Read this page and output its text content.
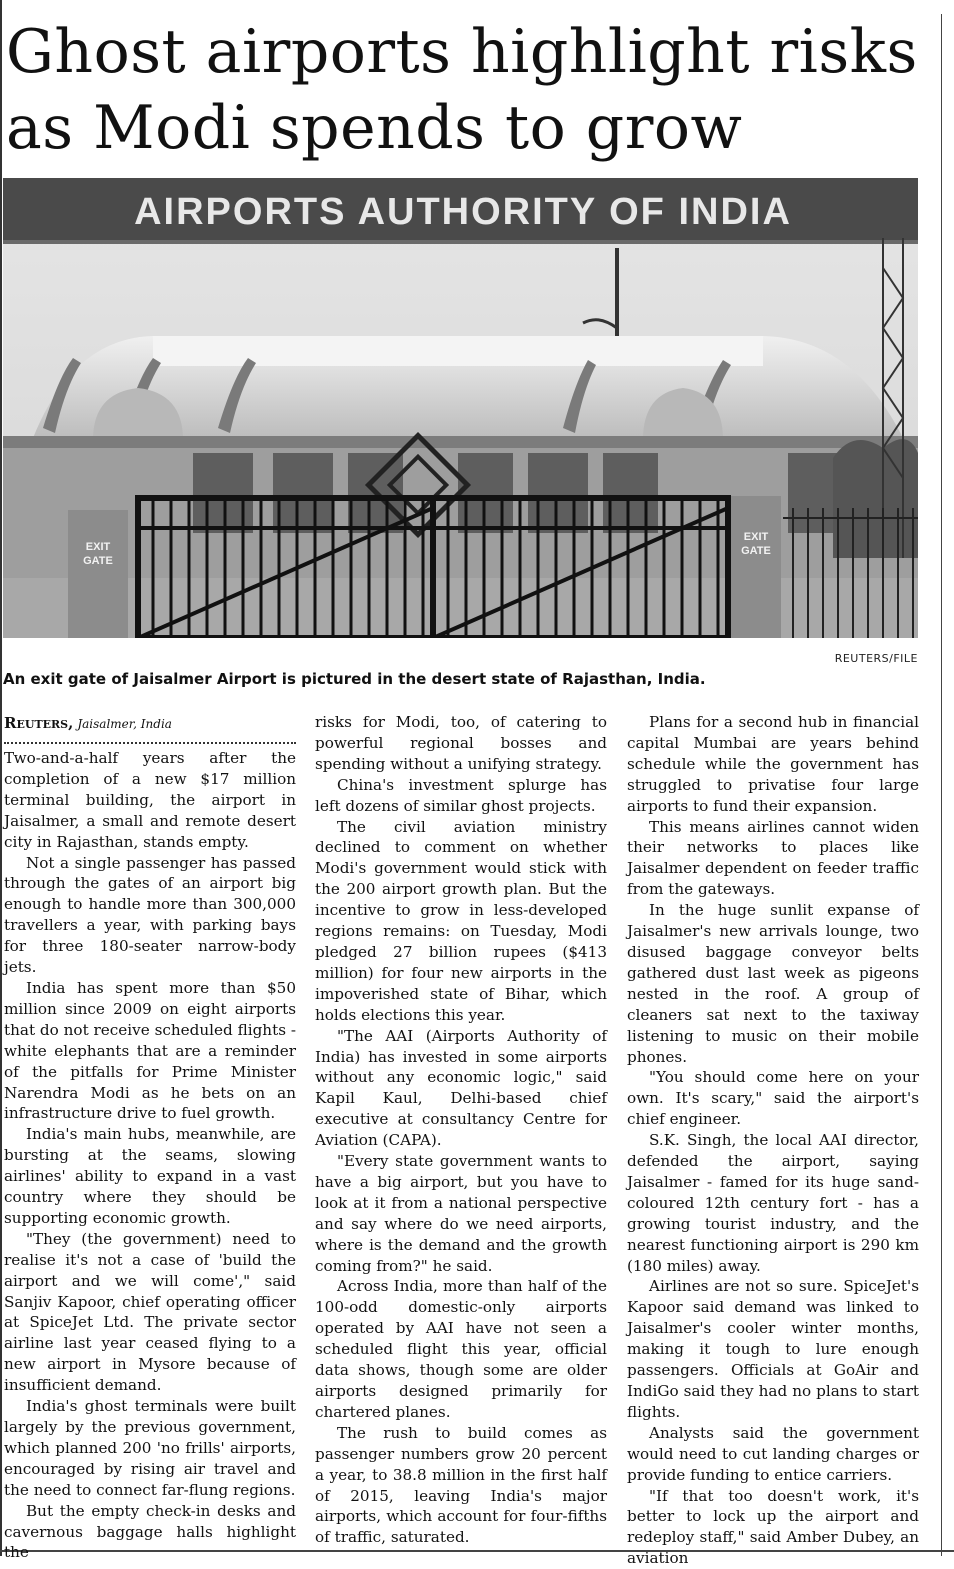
Ghost airports highlight risks as Modi spends to grow
AIRPORTS AUTHORITY OF INDIA
EXIT
GATE
EXIT
GATE
REUTERS/FILE
An exit gate of Jaisalmer Airport is pictured in the desert state of Rajasthan, India.
Reuters, Jaisalmer, India

Two-and-a-half years after the completion of a new $17 million terminal building, the airport in Jaisalmer, a small and remote desert city in Rajasthan, stands empty.

Not a single passenger has passed through the gates of an airport big enough to handle more than 300,000 travellers a year, with parking bays for three 180-seater narrow-body jets.

India has spent more than $50 million since 2009 on eight airports that do not receive scheduled flights - white elephants that are a reminder of the pitfalls for Prime Minister Narendra Modi as he bets on an infrastructure drive to fuel growth.

India's main hubs, meanwhile, are bursting at the seams, slowing airlines' ability to expand in a vast country where they should be supporting economic growth.

"They (the government) need to realise it's not a case of 'build the airport and we will come'," said Sanjiv Kapoor, chief operating officer at SpiceJet Ltd. The private sector airline last year ceased flying to a new airport in Mysore because of insufficient demand.

India's ghost terminals were built largely by the previous government, which planned 200 'no frills' airports, encouraged by rising air travel and the need to connect far-flung regions.

But the empty check-in desks and cavernous baggage halls highlight the

risks for Modi, too, of catering to powerful regional bosses and spending without a unifying strategy.

China's investment splurge has left dozens of similar ghost projects.

The civil aviation ministry declined to comment on whether Modi's government would stick with the 200 airport growth plan. But the incentive to grow in less-developed regions remains: on Tuesday, Modi pledged 27 billion rupees ($413 million) for four new airports in the impoverished state of Bihar, which holds elections this year.

"The AAI (Airports Authority of India) has invested in some airports without any economic logic," said Kapil Kaul, Delhi-based chief executive at consultancy Centre for Aviation (CAPA).

"Every state government wants to have a big airport, but you have to look at it from a national perspective and say where do we need airports, where is the demand and the growth coming from?" he said.

Across India, more than half of the 100-odd domestic-only airports operated by AAI have not seen a scheduled flight this year, official data shows, though some are older airports designed primarily for chartered planes.

The rush to build comes as passenger numbers grow 20 percent a year, to 38.8 million in the first half of 2015, leaving India's major airports, which account for four-fifths of traffic, saturated.

Plans for a second hub in financial capital Mumbai are years behind schedule while the government has struggled to privatise four large airports to fund their expansion.

This means airlines cannot widen their networks to places like Jaisalmer dependent on feeder traffic from the gateways.

In the huge sunlit expanse of Jaisalmer's new arrivals lounge, two disused baggage conveyor belts gathered dust last week as pigeons nested in the roof. A group of cleaners sat next to the taxiway listening to music on their mobile phones.

"You should come here on your own. It's scary," said the airport's chief engineer.

S.K. Singh, the local AAI director, defended the airport, saying Jaisalmer - famed for its huge sand-coloured 12th century fort - has a growing tourist industry, and the nearest functioning airport is 290 km (180 miles) away.

Airlines are not so sure. SpiceJet's Kapoor said demand was linked to Jaisalmer's cooler winter months, making it tough to lure enough passengers. Officials at GoAir and IndiGo said they had no plans to start flights.

Analysts said the government would need to cut landing charges or provide funding to entice carriers.

"If that too doesn't work, it's better to lock up the airport and redeploy staff," said Amber Dubey, an aviation
